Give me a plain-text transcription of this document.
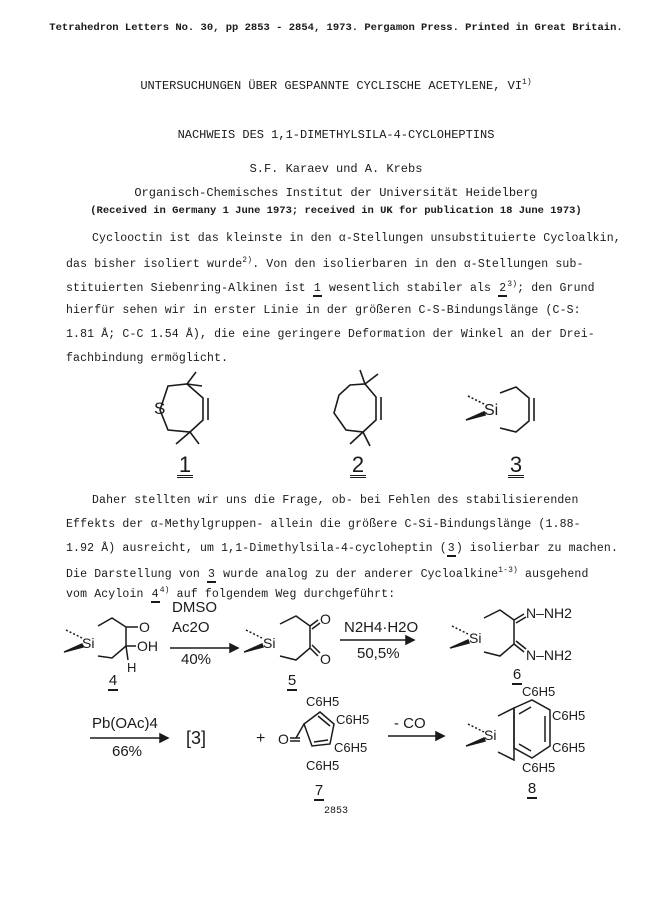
Tetrahedron Letters No. 30, pp 2853 - 2854, 1973. Pergamon Press. Printed in Great Britain.
UNTERSUCHUNGEN ÜBER GESPANNTE CYCLISCHE ACETYLENE, VI$^{1)}$
NACHWEIS DES 1,1-DIMETHYLSILA-4-CYCLOHEPTINS
S.F. Karaev und A. Krebs
Organisch-Chemisches Institut der Universität Heidelberg
(Received in Germany 1 June 1973; received in UK for publication 18 June 1973)
Cyclooctin ist das kleinste in den α-Stellungen unsubstituierte Cycloalkin,
das bisher isoliert wurde$^{2)}$. Von den isolierbaren in den α-Stellungen sub-
stituierten Siebenring-Alkinen ist 1 wesentlich stabiler als 2$^{3)}$; den Grund
hierfür sehen wir in erster Linie in der größeren C-S-Bindungslänge (C-S:
1.81 Å; C-C 1.54 Å), die eine geringere Deformation der Winkel an der Drei-
fachbindung ermöglicht.
S	Si
1	2	3
Daher stellten wir uns die Frage, ob- bei Fehlen des stabilisierenden
Effekts der α-Methylgruppen- allein die größere C-Si-Bindungslänge (1.88-
1.92 Å) ausreicht, um 1,1-Dimethylsila-4-cycloheptin (3) isolierbar zu machen.
Die Darstellung von 3 wurde analog zu der anderer Cycloalkine$^{1-3)}$ ausgehend
vom Acyloin 4$^{4)}$ auf folgendem Weg durchgeführt:
Si
O
OH
H
Si
O
O
Si
N–NH2
N–NH2
O
C6H5
C6H5
C6H5
C6H5
Si
C6H5
C6H5
C6H5
C6H5
DMSO
Ac2O
40%
N2H4·H2O
50,5%
Pb(OAc)4
66%
[3]	+
- CO
4	5	6
7	8
2853
